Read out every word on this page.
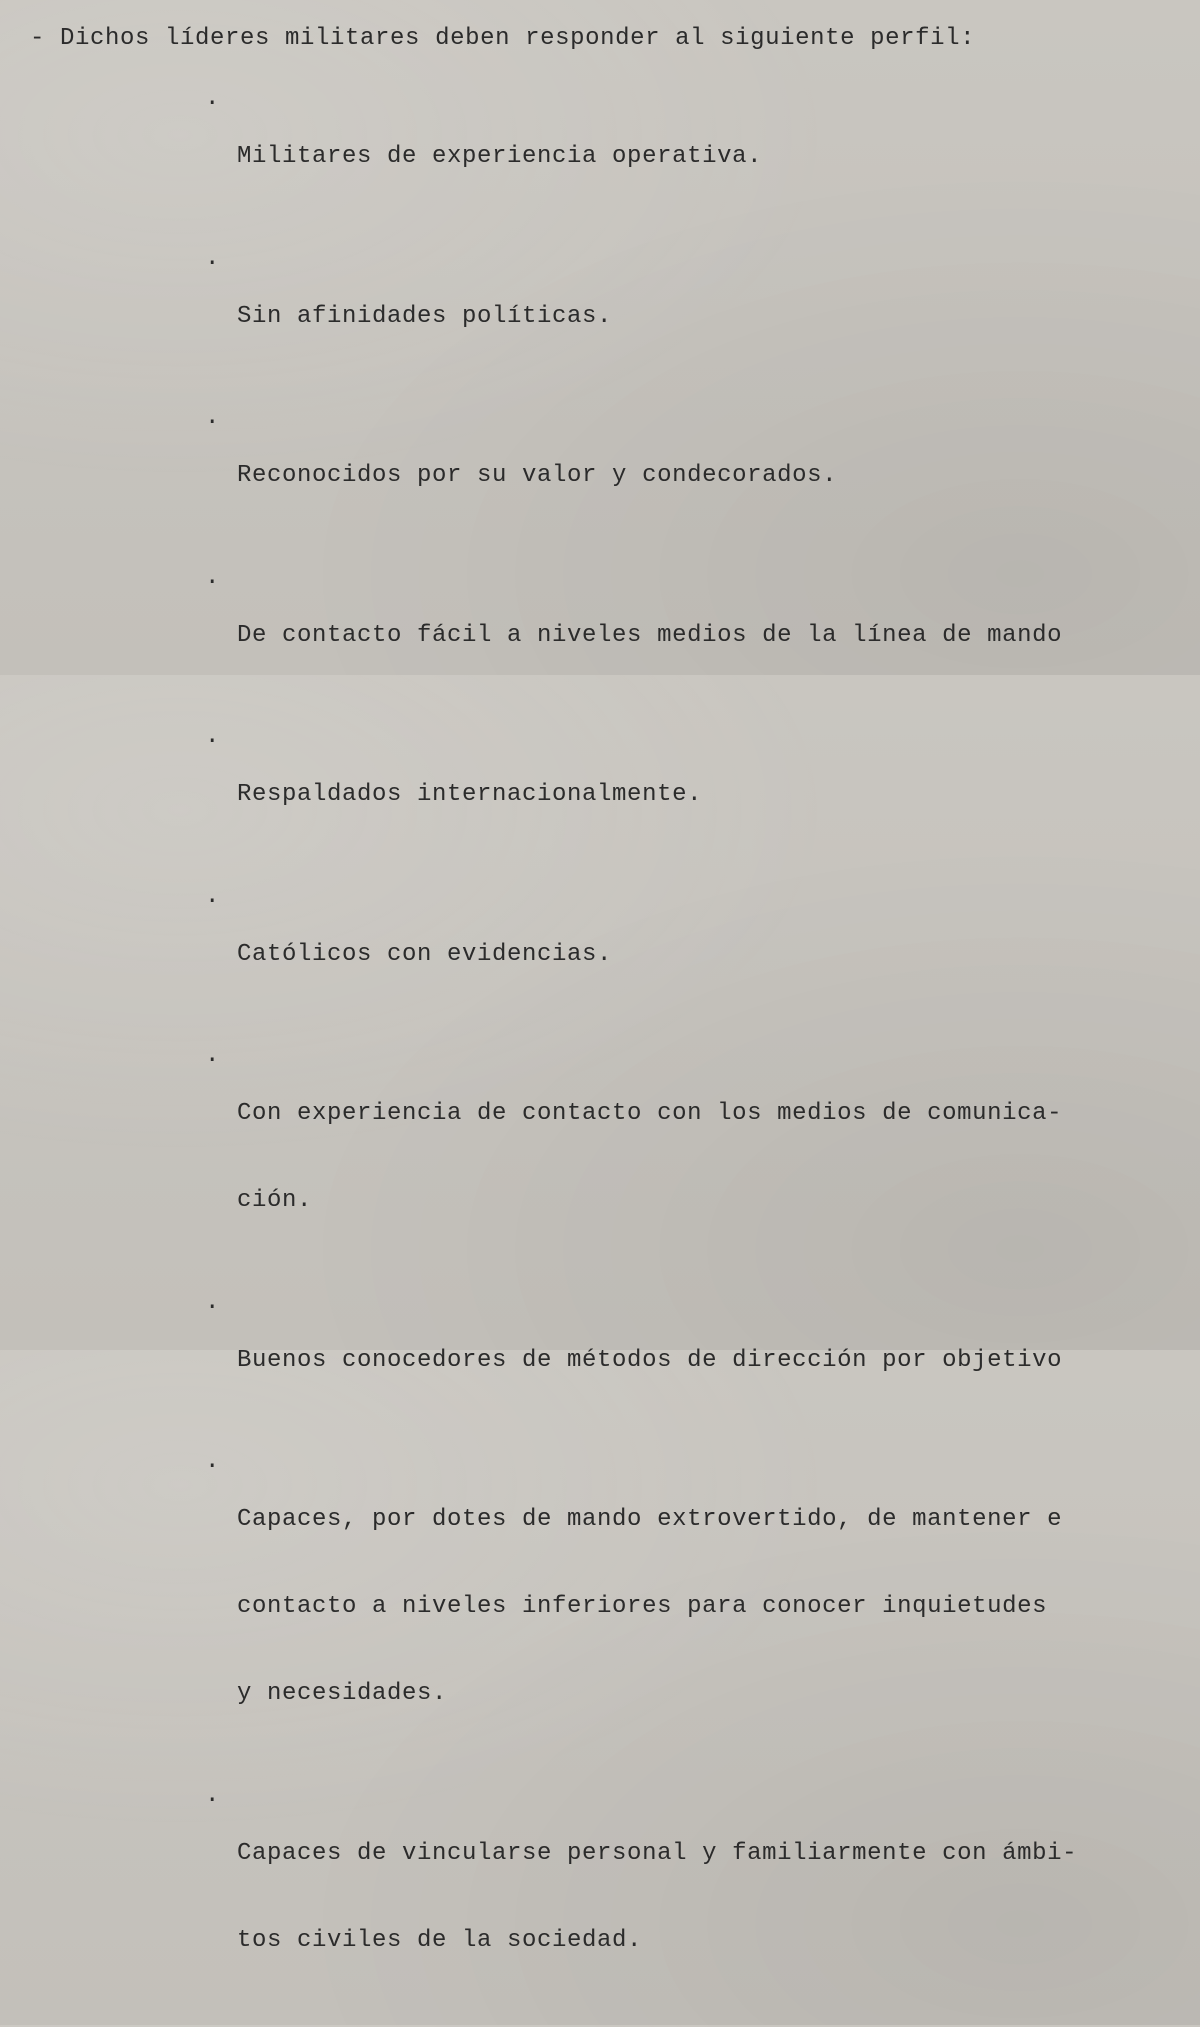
- Dichos líderes militares deben responder al siguiente perfil:
.

Militares de experiencia operativa.

.

Sin afinidades políticas.

.

Reconocidos por su valor y condecorados.

.

De contacto fácil a niveles medios de la línea de mando

.

Respaldados internacionalmente.

.

Católicos con evidencias.

.

Con experiencia de contacto con los medios de comunica-

ción.

.

Buenos conocedores de métodos de dirección por objetivo

.

Capaces, por dotes de mando extrovertido, de mantener e

contacto a niveles inferiores para conocer inquietudes

y necesidades.

.

Capaces de vincularse personal y familiarmente con ámbi-

tos civiles de la sociedad.
